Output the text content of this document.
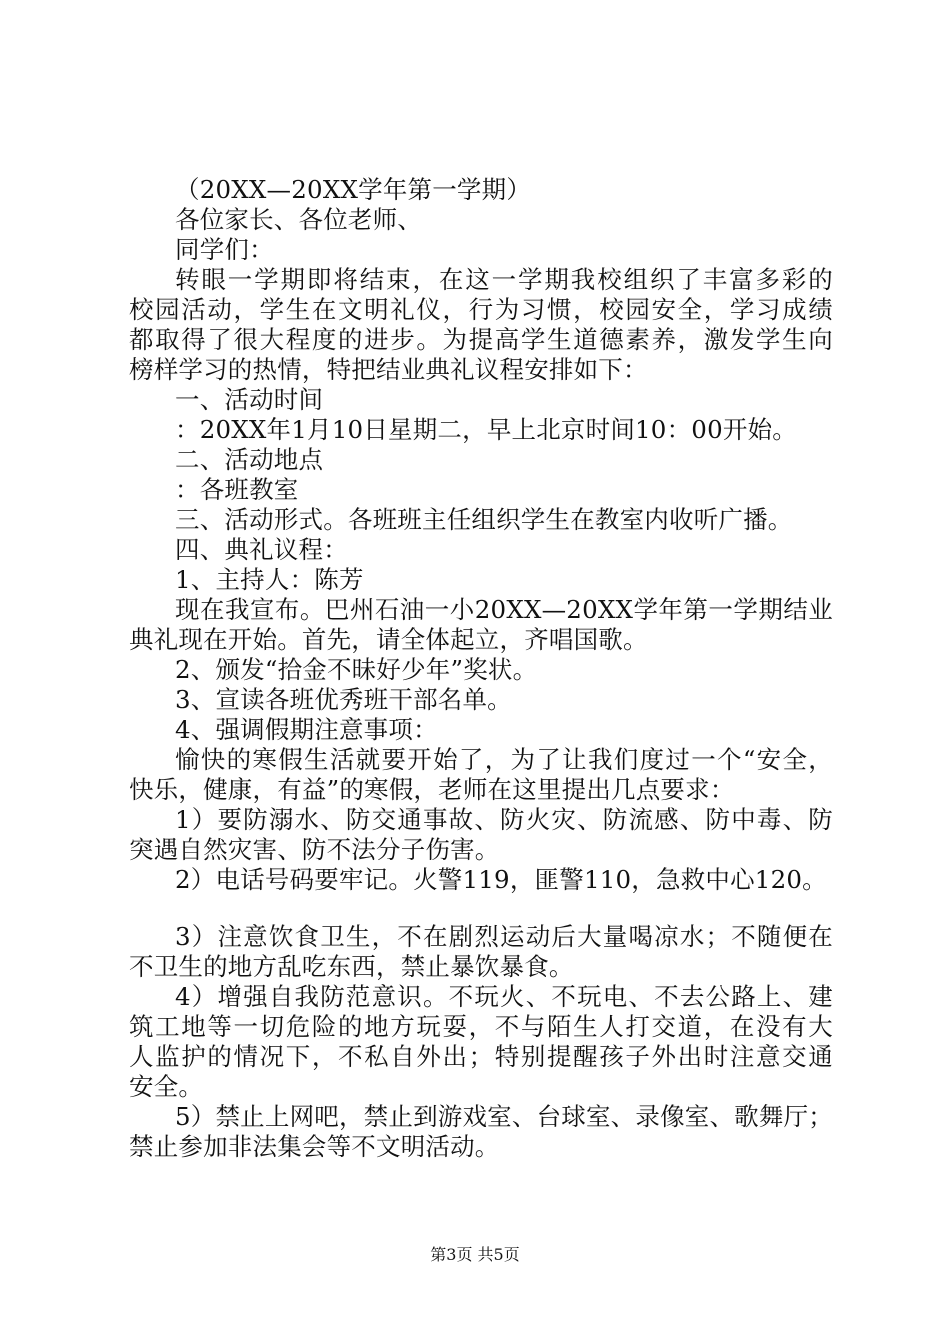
（20XX—20XX学年第一学期）
各位家长、各位老师、
同学们：
转眼一学期即将结束，在这一学期我校组织了丰富多彩的
校园活动，学生在文明礼仪，行为习惯，校园安全，学习成绩
都取得了很大程度的进步。为提高学生道德素养，激发学生向
榜样学习的热情，特把结业典礼议程安排如下：
一、活动时间
：20XX年1月10日星期二，早上北京时间10：00开始。
二、活动地点
：各班教室
三、活动形式。各班班主任组织学生在教室内收听广播。
四、典礼议程：
1、主持人：陈芳
现在我宣布。巴州石油一小20XX—20XX学年第一学期结业
典礼现在开始。首先，请全体起立，齐唱国歌。
2、颁发“拾金不昧好少年”奖状。
3、宣读各班优秀班干部名单。
4、强调假期注意事项：
愉快的寒假生活就要开始了，为了让我们度过一个“安全，
快乐，健康，有益”的寒假，老师在这里提出几点要求：
1）要防溺水、防交通事故、防火灾、防流感、防中毒、防
突遇自然灾害、防不法分子伤害。
2）电话号码要牢记。火警119，匪警110，急救中心120。
3）注意饮食卫生，不在剧烈运动后大量喝凉水；不随便在
不卫生的地方乱吃东西，禁止暴饮暴食。
4）增强自我防范意识。不玩火、不玩电、不去公路上、建
筑工地等一切危险的地方玩耍，不与陌生人打交道，在没有大
人监护的情况下，不私自外出；特别提醒孩子外出时注意交通
安全。
5）禁止上网吧，禁止到游戏室、台球室、录像室、歌舞厅；
禁止参加非法集会等不文明活动。
第3页 共5页
